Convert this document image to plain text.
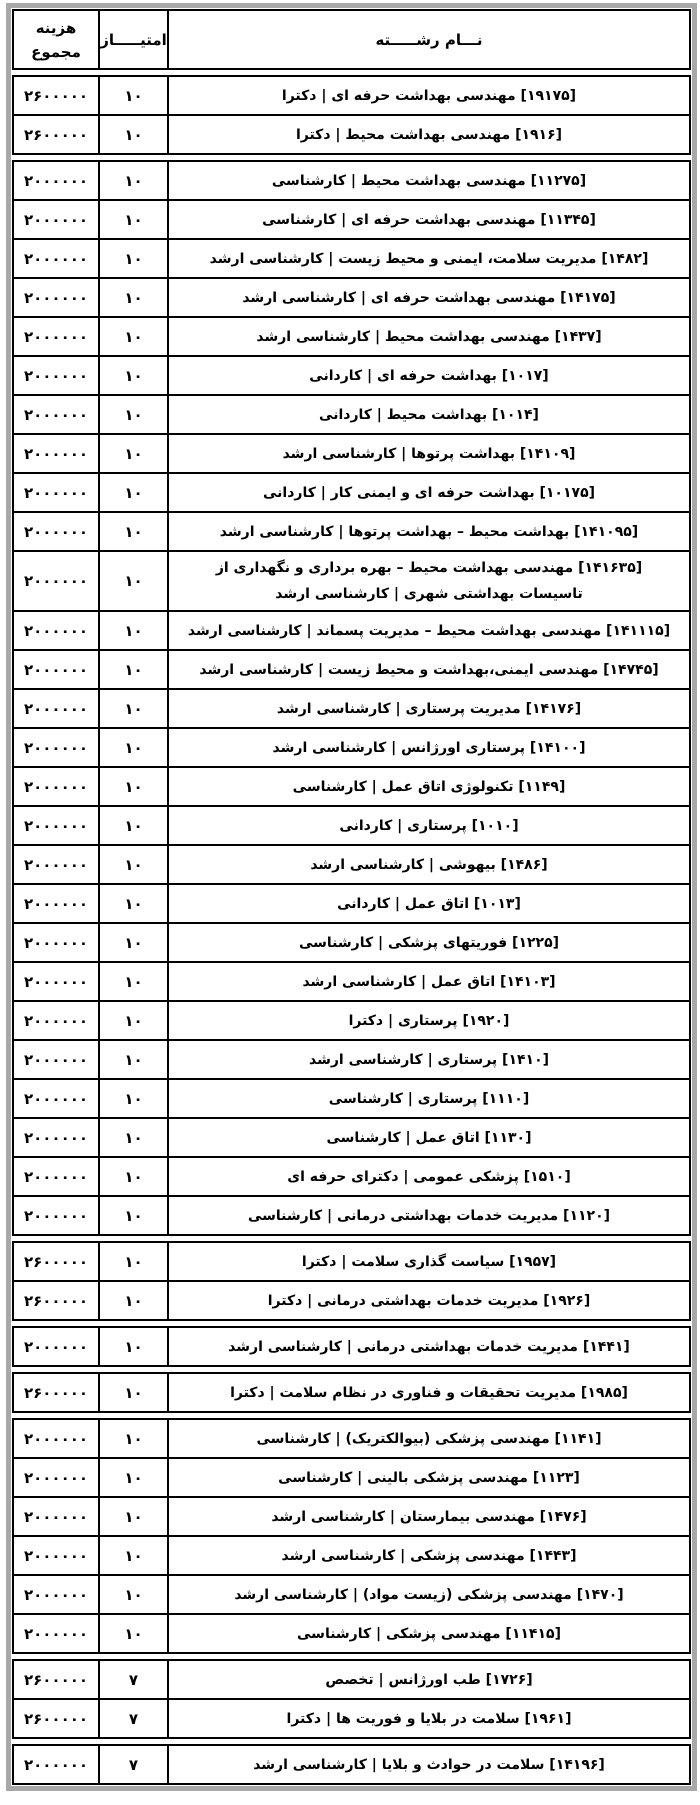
نـــام رشـــــته
امتیـــــاز
هزینه
مجموع
[۱۹۱۷۵] مهندسی بهداشت حرفه ای | دکترا
۱۰
۲۶۰۰۰۰۰
[۱۹۱۶] مهندسی بهداشت محیط | دکترا
۱۰
۲۶۰۰۰۰۰
[۱۱۲۷۵] مهندسی بهداشت محیط | کارشناسی
۱۰
۲۰۰۰۰۰۰
[۱۱۳۴۵] مهندسی بهداشت حرفه ای | کارشناسی
۱۰
۲۰۰۰۰۰۰
[۱۴۸۲] مدیریت سلامت، ایمنی و محیط زیست | کارشناسی ارشد
۱۰
۲۰۰۰۰۰۰
[۱۴۱۷۵] مهندسی بهداشت حرفه ای | کارشناسی ارشد
۱۰
۲۰۰۰۰۰۰
[۱۴۳۷] مهندسی بهداشت محیط | کارشناسی ارشد
۱۰
۲۰۰۰۰۰۰
[۱۰۱۷] بهداشت حرفه ای | کاردانی
۱۰
۲۰۰۰۰۰۰
[۱۰۱۴] بهداشت محیط | کاردانی
۱۰
۲۰۰۰۰۰۰
[۱۴۱۰۹] بهداشت پرتوها | کارشناسی ارشد
۱۰
۲۰۰۰۰۰۰
[۱۰۱۷۵] بهداشت حرفه ای و ایمنی کار | کاردانی
۱۰
۲۰۰۰۰۰۰
[۱۴۱۰۹۵] بهداشت محیط – بهداشت پرتوها | کارشناسی ارشد
۱۰
۲۰۰۰۰۰۰
[۱۴۱۶۳۵] مهندسی بهداشت محیط – بهره برداری و نگهداری از تاسیسات بهداشتی شهری | کارشناسی ارشد
۱۰
۲۰۰۰۰۰۰
[۱۴۱۱۱۵] مهندسی بهداشت محیط – مدیریت پسماند | کارشناسی ارشد
۱۰
۲۰۰۰۰۰۰
[۱۴۷۴۵] مهندسی ایمنی،بهداشت و محیط زیست | کارشناسی ارشد
۱۰
۲۰۰۰۰۰۰
[۱۴۱۷۶] مدیریت پرستاری | کارشناسی ارشد
۱۰
۲۰۰۰۰۰۰
[۱۴۱۰۰] پرستاری اورژانس | کارشناسی ارشد
۱۰
۲۰۰۰۰۰۰
[۱۱۴۹] تکنولوژی اتاق عمل | کارشناسی
۱۰
۲۰۰۰۰۰۰
[۱۰۱۰] پرستاری | کاردانی
۱۰
۲۰۰۰۰۰۰
[۱۴۸۶] بیهوشی | کارشناسی ارشد
۱۰
۲۰۰۰۰۰۰
[۱۰۱۳] اتاق عمل | کاردانی
۱۰
۲۰۰۰۰۰۰
[۱۲۲۵] فوریتهای پزشکی | کارشناسی
۱۰
۲۰۰۰۰۰۰
[۱۴۱۰۳] اتاق عمل | کارشناسی ارشد
۱۰
۲۰۰۰۰۰۰
[۱۹۲۰] پرستاری | دکترا
۱۰
۲۰۰۰۰۰۰
[۱۴۱۰] پرستاری | کارشناسی ارشد
۱۰
۲۰۰۰۰۰۰
[۱۱۱۰] پرستاری | کارشناسی
۱۰
۲۰۰۰۰۰۰
[۱۱۳۰] اتاق عمل | کارشناسی
۱۰
۲۰۰۰۰۰۰
[۱۵۱۰] پزشکی عمومی | دکترای حرفه ای
۱۰
۲۰۰۰۰۰۰
[۱۱۲۰] مدیریت خدمات بهداشتی درمانی | کارشناسی
۱۰
۲۰۰۰۰۰۰
[۱۹۵۷] سیاست گذاری سلامت | دکترا
۱۰
۲۶۰۰۰۰۰
[۱۹۲۶] مدیریت خدمات بهداشتی درمانی | دکترا
۱۰
۲۶۰۰۰۰۰
[۱۴۴۱] مدیریت خدمات بهداشتی درمانی | کارشناسی ارشد
۱۰
۲۰۰۰۰۰۰
[۱۹۸۵] مدیریت تحقیقات و فناوری در نظام سلامت | دکترا
۱۰
۲۶۰۰۰۰۰
[۱۱۴۱] مهندسی پزشکی (بیوالکتریک) | کارشناسی
۱۰
۲۰۰۰۰۰۰
[۱۱۲۳] مهندسی پزشکی بالینی | کارشناسی
۱۰
۲۰۰۰۰۰۰
[۱۴۷۶] مهندسی بیمارستان | کارشناسی ارشد
۱۰
۲۰۰۰۰۰۰
[۱۴۴۳] مهندسی پزشکی | کارشناسی ارشد
۱۰
۲۰۰۰۰۰۰
[۱۴۷۰] مهندسی پزشکی (زیست مواد) | کارشناسی ارشد
۱۰
۲۰۰۰۰۰۰
[۱۱۴۱۵] مهندسی پزشکی | کارشناسی
۱۰
۲۰۰۰۰۰۰
[۱۷۲۶] طب اورژانس | تخصص
۷
۲۶۰۰۰۰۰
[۱۹۶۱] سلامت در بلایا و فوریت ها | دکترا
۷
۲۶۰۰۰۰۰
[۱۴۱۹۶] سلامت در حوادث و بلایا | کارشناسی ارشد
۷
۲۰۰۰۰۰۰
